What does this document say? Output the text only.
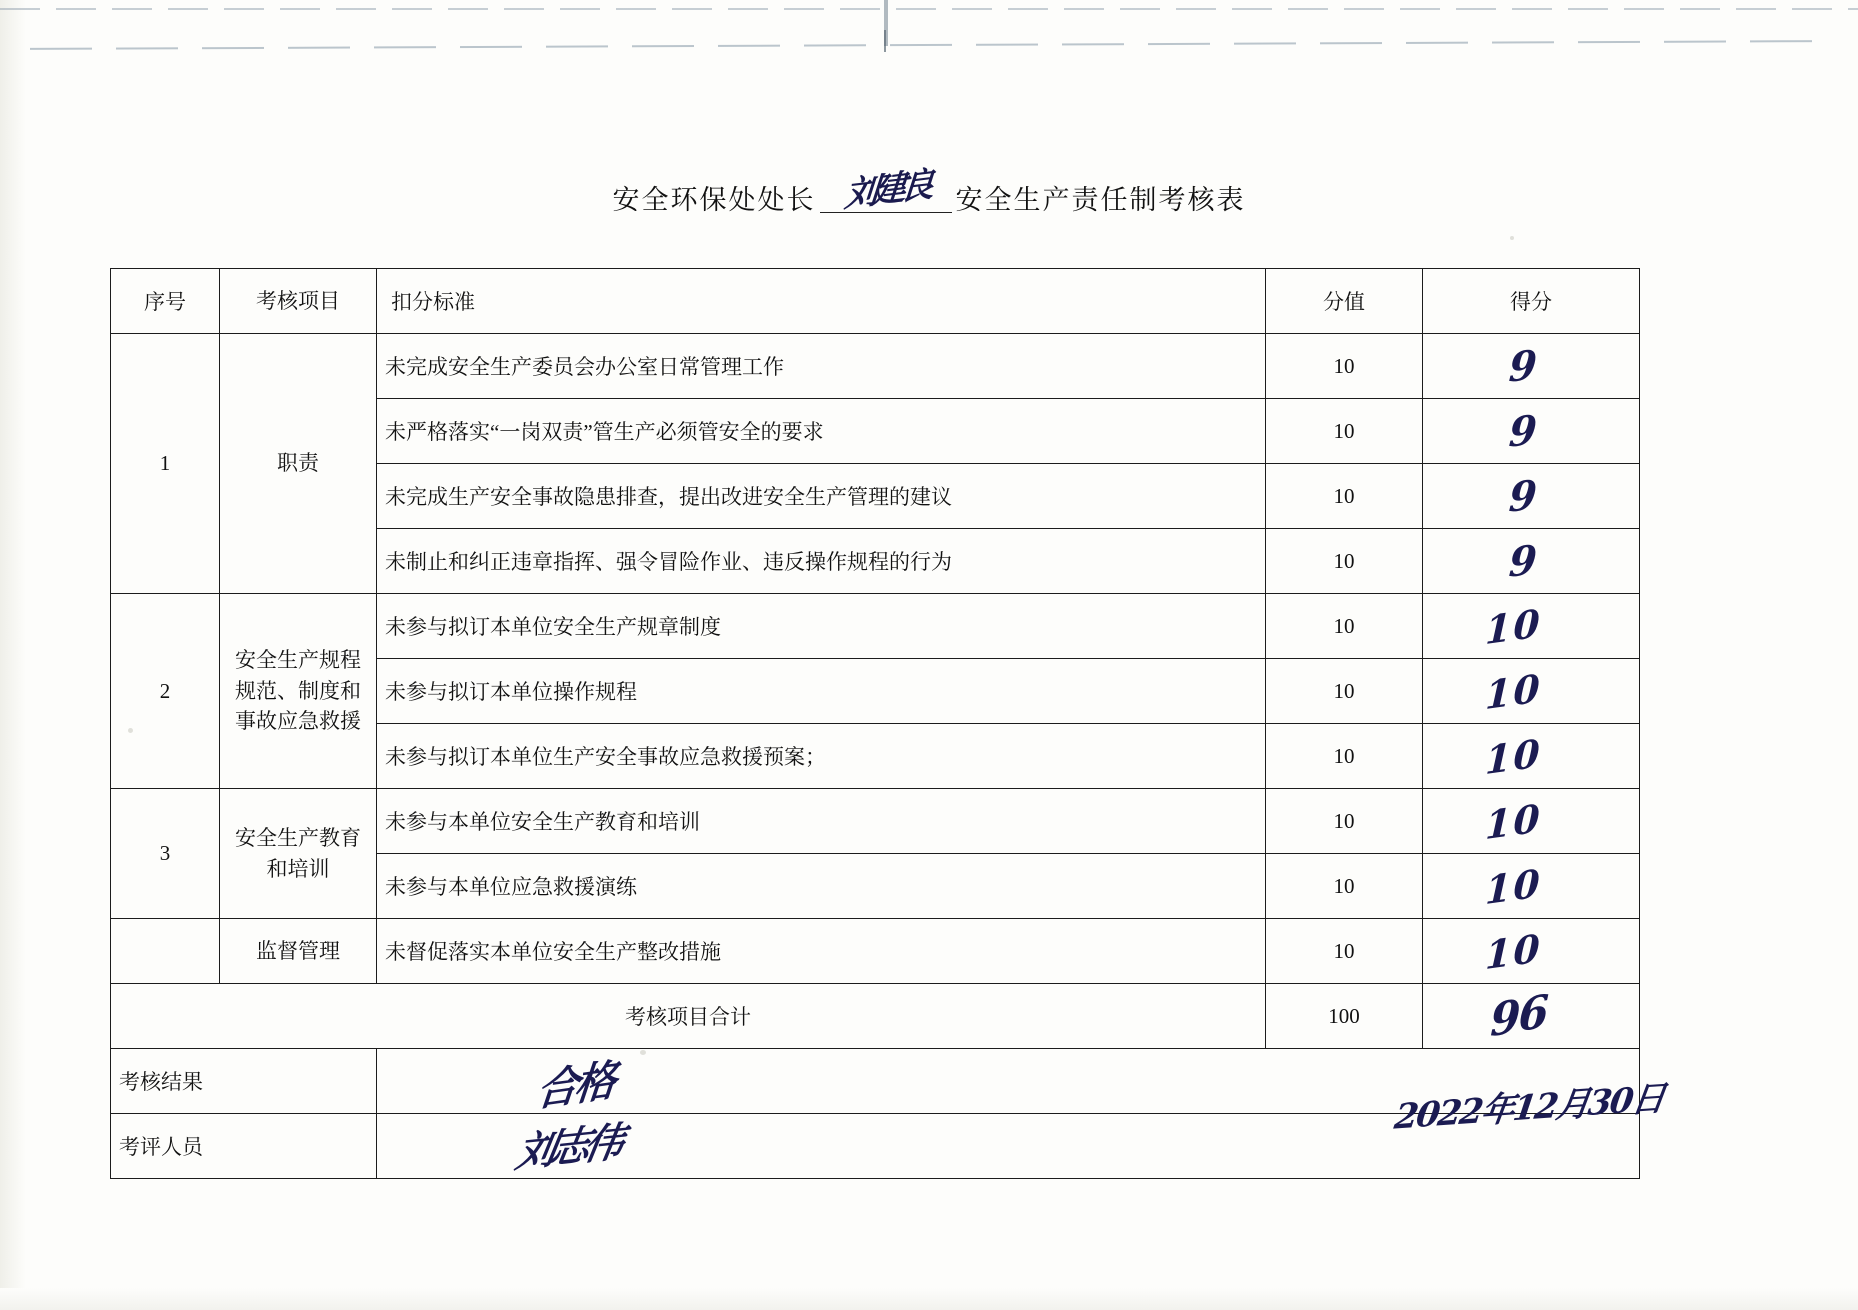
安全环保处处长 刘建良 安全生产责任制考核表
序号	考核项目	扣分标准	分值	得分
1	职责	未完成安全生产委员会办公室日常管理工作	10	9
		未严格落实“一岗双责”管生产必须管安全的要求	10	9
		未完成生产安全事故隐患排查，提出改进安全生产管理的建议	10	9
		未制止和纠正违章指挥、强令冒险作业、违反操作规程的行为	10	9
2	安全生产规程规范、制度和事故应急救援	未参与拟订本单位安全生产规章制度	10	10
		未参与拟订本单位操作规程	10	10
		未参与拟订本单位生产安全事故应急救援预案；	10	10
3	安全生产教育和培训	未参与本单位安全生产教育和培训	10	10
		未参与本单位应急救援演练	10	10
	监督管理	未督促落实本单位安全生产整改措施	10	10
考核项目合计			100	96
考核结果		合格		

考评人员		刘志伟		
2022年12月30日
